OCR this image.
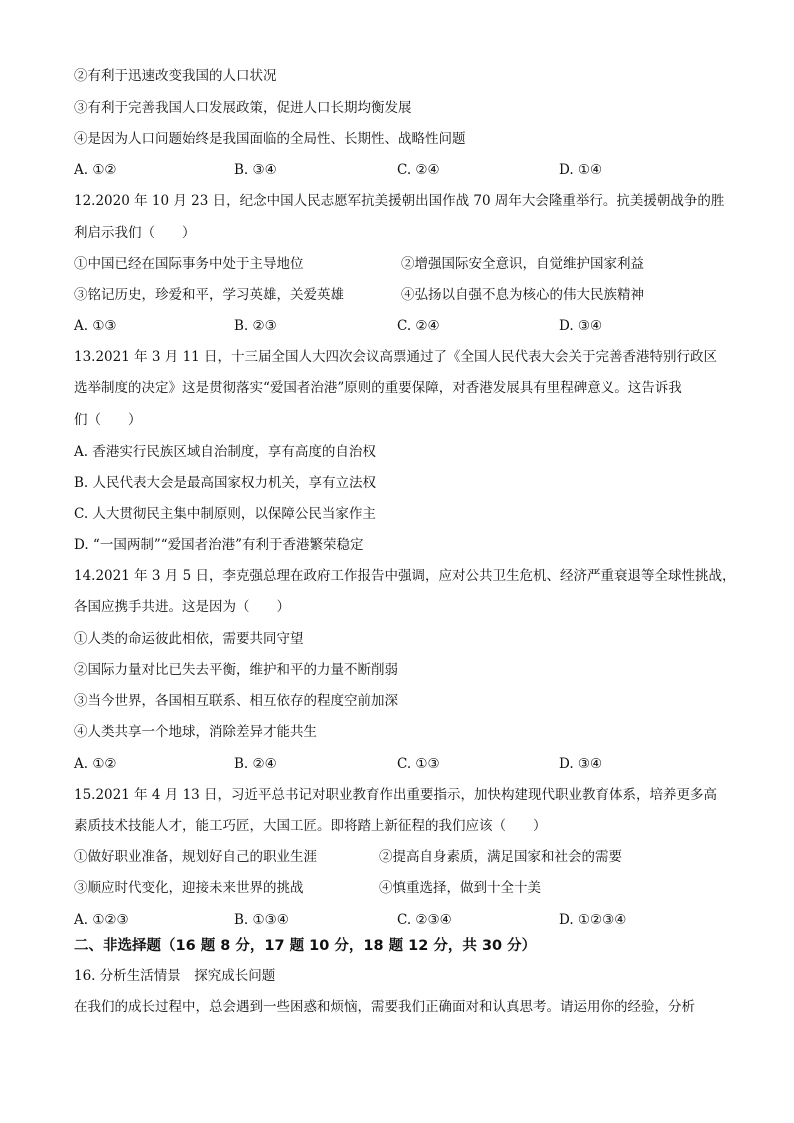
②有利于迅速改变我国的人口状况
③有利于完善我国人口发展政策，促进人口长期均衡发展
④是因为人口问题始终是我国面临的全局性、长期性、战略性问题
A. ①②	B. ③④	C. ②④	D. ①④
12.2020 年 10 月 23 日，纪念中国人民志愿军抗美援朝出国作战 70 周年大会隆重举行。抗美援朝战争的胜
利启示我们（　　）
①中国已经在国际事务中处于主导地位	②增强国际安全意识，自觉维护国家利益
③铭记历史，珍爱和平，学习英雄，关爱英雄	④弘扬以自强不息为核心的伟大民族精神
A. ①③	B. ②③	C. ②④	D. ③④
13.2021 年 3 月 11 日，十三届全国人大四次会议高票通过了《全国人民代表大会关于完善香港特别行政区
选举制度的决定》这是贯彻落实“爱国者治港”原则的重要保障，对香港发展具有里程碑意义。这告诉我
们（　　）
A. 香港实行民族区域自治制度，享有高度的自治权
B. 人民代表大会是最高国家权力机关，享有立法权
C. 人大贯彻民主集中制原则，以保障公民当家作主
D. “一国两制”“爱国者治港”有利于香港繁荣稳定
14.2021 年 3 月 5 日，李克强总理在政府工作报告中强调，应对公共卫生危机、经济严重衰退等全球性挑战，
各国应携手共进。这是因为（　　）
①人类的命运彼此相依，需要共同守望
②国际力量对比已失去平衡，维护和平的力量不断削弱
③当今世界，各国相互联系、相互依存的程度空前加深
④人类共享一个地球，消除差异才能共生
A. ①②	B. ②④	C. ①③	D. ③④
15.2021 年 4 月 13 日，习近平总书记对职业教育作出重要指示，加快构建现代职业教育体系，培养更多高
素质技术技能人才，能工巧匠，大国工匠。即将踏上新征程的我们应该（　　）
①做好职业准备，规划好自己的职业生涯	②提高自身素质，满足国家和社会的需要
③顺应时代变化，迎接未来世界的挑战	④慎重选择，做到十全十美
A. ①②③	B. ①③④	C. ②③④	D. ①②③④
二、非选择题（16 题 8 分，17 题 10 分，18 题 12 分，共 30 分）
16. 分析生活情景　探究成长问题
在我们的成长过程中，总会遇到一些困惑和烦恼，需要我们正确面对和认真思考。请运用你的经验，分析
